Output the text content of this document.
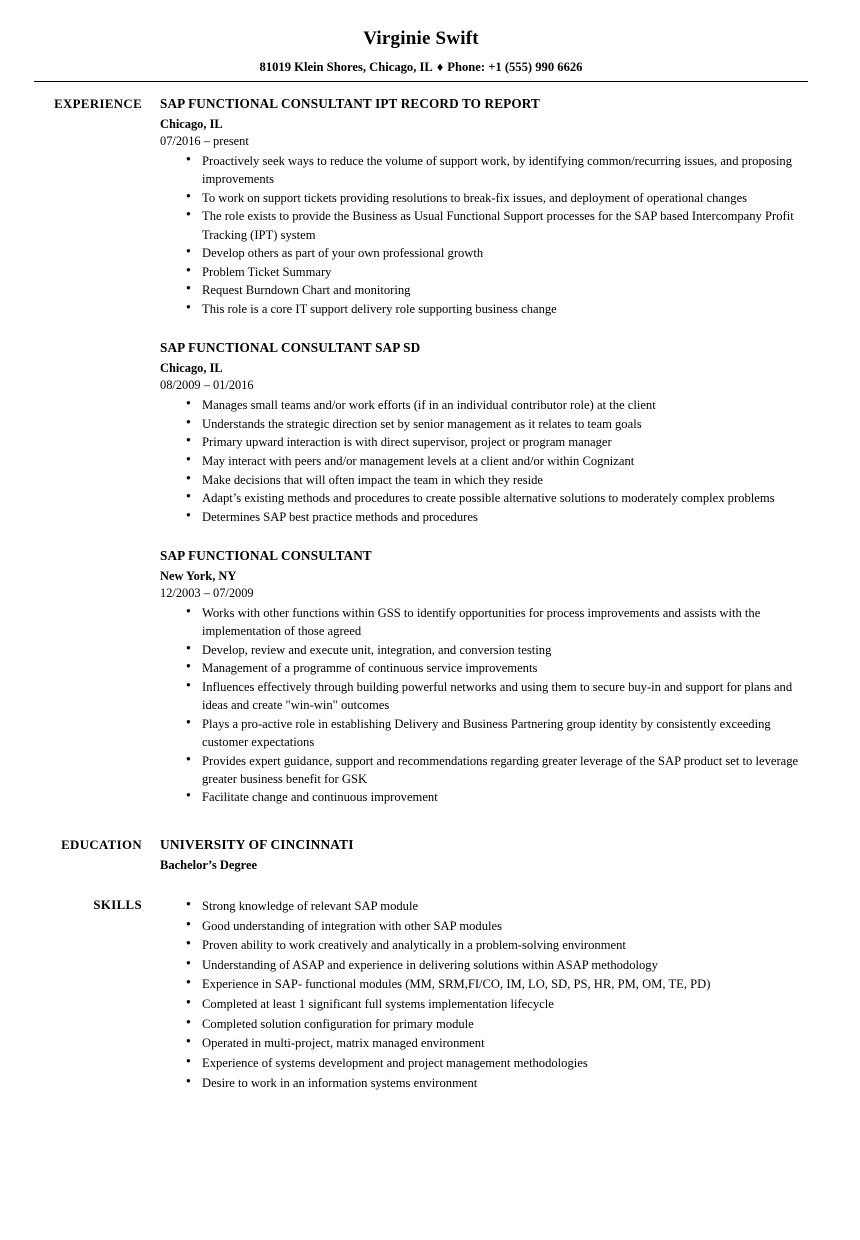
Virginie Swift
81019 Klein Shores, Chicago, IL ♦ Phone: +1 (555) 990 6626
EXPERIENCE	SAP FUNCTIONAL CONSULTANT IPT RECORD TO REPORT
Chicago, IL
07/2016 – present
● Proactively seek ways to reduce the volume of support work, by identifying common/recurring issues, and proposing improvements
● To work on support tickets providing resolutions to break-fix issues, and deployment of operational changes
● The role exists to provide the Business as Usual Functional Support processes for the SAP based Intercompany Profit Tracking (IPT) system
● Develop others as part of your own professional growth
● Problem Ticket Summary
● Request Burndown Chart and monitoring
● This role is a core IT support delivery role supporting business change
SAP FUNCTIONAL CONSULTANT SAP SD
Chicago, IL
08/2009 – 01/2016
● Manages small teams and/or work efforts (if in an individual contributor role) at the client
● Understands the strategic direction set by senior management as it relates to team goals
● Primary upward interaction is with direct supervisor, project or program manager
● May interact with peers and/or management levels at a client and/or within Cognizant
● Make decisions that will often impact the team in which they reside
● Adapt’s existing methods and procedures to create possible alternative solutions to moderately complex problems
● Determines SAP best practice methods and procedures
SAP FUNCTIONAL CONSULTANT
New York, NY
12/2003 – 07/2009
● Works with other functions within GSS to identify opportunities for process improvements and assists with the implementation of those agreed
● Develop, review and execute unit, integration, and conversion testing
● Management of a programme of continuous service improvements
● Influences effectively through building powerful networks and using them to secure buy-in and support for plans and ideas and create "win-win" outcomes
● Plays a pro-active role in establishing Delivery and Business Partnering group identity by consistently exceeding customer expectations
● Provides expert guidance, support and recommendations regarding greater leverage of the SAP product set to leverage greater business benefit for GSK
● Facilitate change and continuous improvement
EDUCATION	UNIVERSITY OF CINCINNATI
Bachelor’s Degree
SKILLS	● Strong knowledge of relevant SAP module
● Good understanding of integration with other SAP modules
● Proven ability to work creatively and analytically in a problem-solving environment
● Understanding of ASAP and experience in delivering solutions within ASAP methodology
● Experience in SAP- functional modules (MM, SRM,FI/CO, IM, LO, SD, PS, HR, PM, OM, TE, PD)
● Completed at least 1 significant full systems implementation lifecycle
● Completed solution configuration for primary module
● Operated in multi-project, matrix managed environment
● Experience of systems development and project management methodologies
● Desire to work in an information systems environment
